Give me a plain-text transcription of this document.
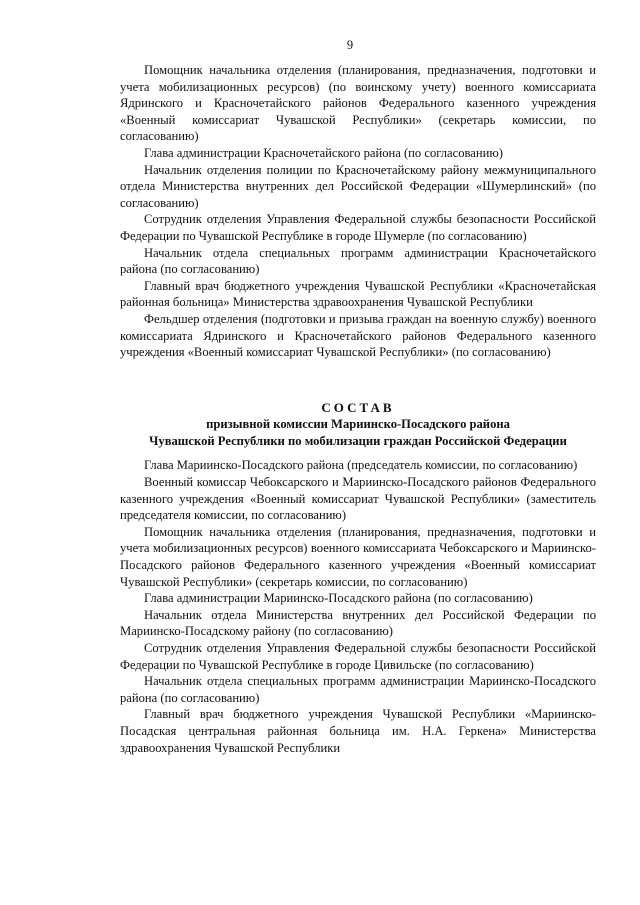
9

Помощник начальника отделения (планирования, предназначения, подготовки и учета мобилизационных ресурсов) (по воинскому учету) военного комиссариата Ядринского и Красночетайского районов Федерального казенного учреждения «Военный комиссариат Чувашской Республики» (секретарь комиссии, по согласованию)

Глава администрации Красночетайского района (по согласованию)

Начальник отделения полиции по Красночетайскому району межмуниципального отдела Министерства внутренних дел Российской Федерации «Шумерлинский» (по согласованию)

Сотрудник отделения Управления Федеральной службы безопасности Российской Федерации по Чувашской Республике в городе Шумерле (по согласованию)

Начальник отдела специальных программ администрации Красночетайского района (по согласованию)

Главный врач бюджетного учреждения Чувашской Республики «Красночетайская районная больница» Министерства здравоохранения Чувашской Республики

Фельдшер отделения (подготовки и призыва граждан на военную службу) военного комиссариата Ядринского и Красночетайского районов Федерального казенного учреждения «Военный комиссариат Чувашской Республики» (по согласованию)

СОСТАВ
призывной комиссии Мариинско-Посадского района
Чувашской Республики по мобилизации граждан Российской Федерации

Глава Мариинско-Посадского района (председатель комиссии, по согласованию)

Военный комиссар Чебоксарского и Мариинско-Посадского районов Федерального казенного учреждения «Военный комиссариат Чувашской Республики» (заместитель председателя комиссии, по согласованию)

Помощник начальника отделения (планирования, предназначения, подготовки и учета мобилизационных ресурсов) военного комиссариата Чебоксарского и Мариинско-Посадского районов Федерального казенного учреждения «Военный комиссариат Чувашской Республики» (секретарь комиссии, по согласованию)

Глава администрации Мариинско-Посадского района (по согласованию)

Начальник отдела Министерства внутренних дел Российской Федерации по Мариинско-Посадскому району (по согласованию)

Сотрудник отделения Управления Федеральной службы безопасности Российской Федерации по Чувашской Республике в городе Цивильске (по согласованию)

Начальник отдела специальных программ администрации Мариинско-Посадского района (по согласованию)

Главный врач бюджетного учреждения Чувашской Республики «Мариинско-Посадская центральная районная больница им. Н.А. Геркена» Министерства здравоохранения Чувашской Республики
